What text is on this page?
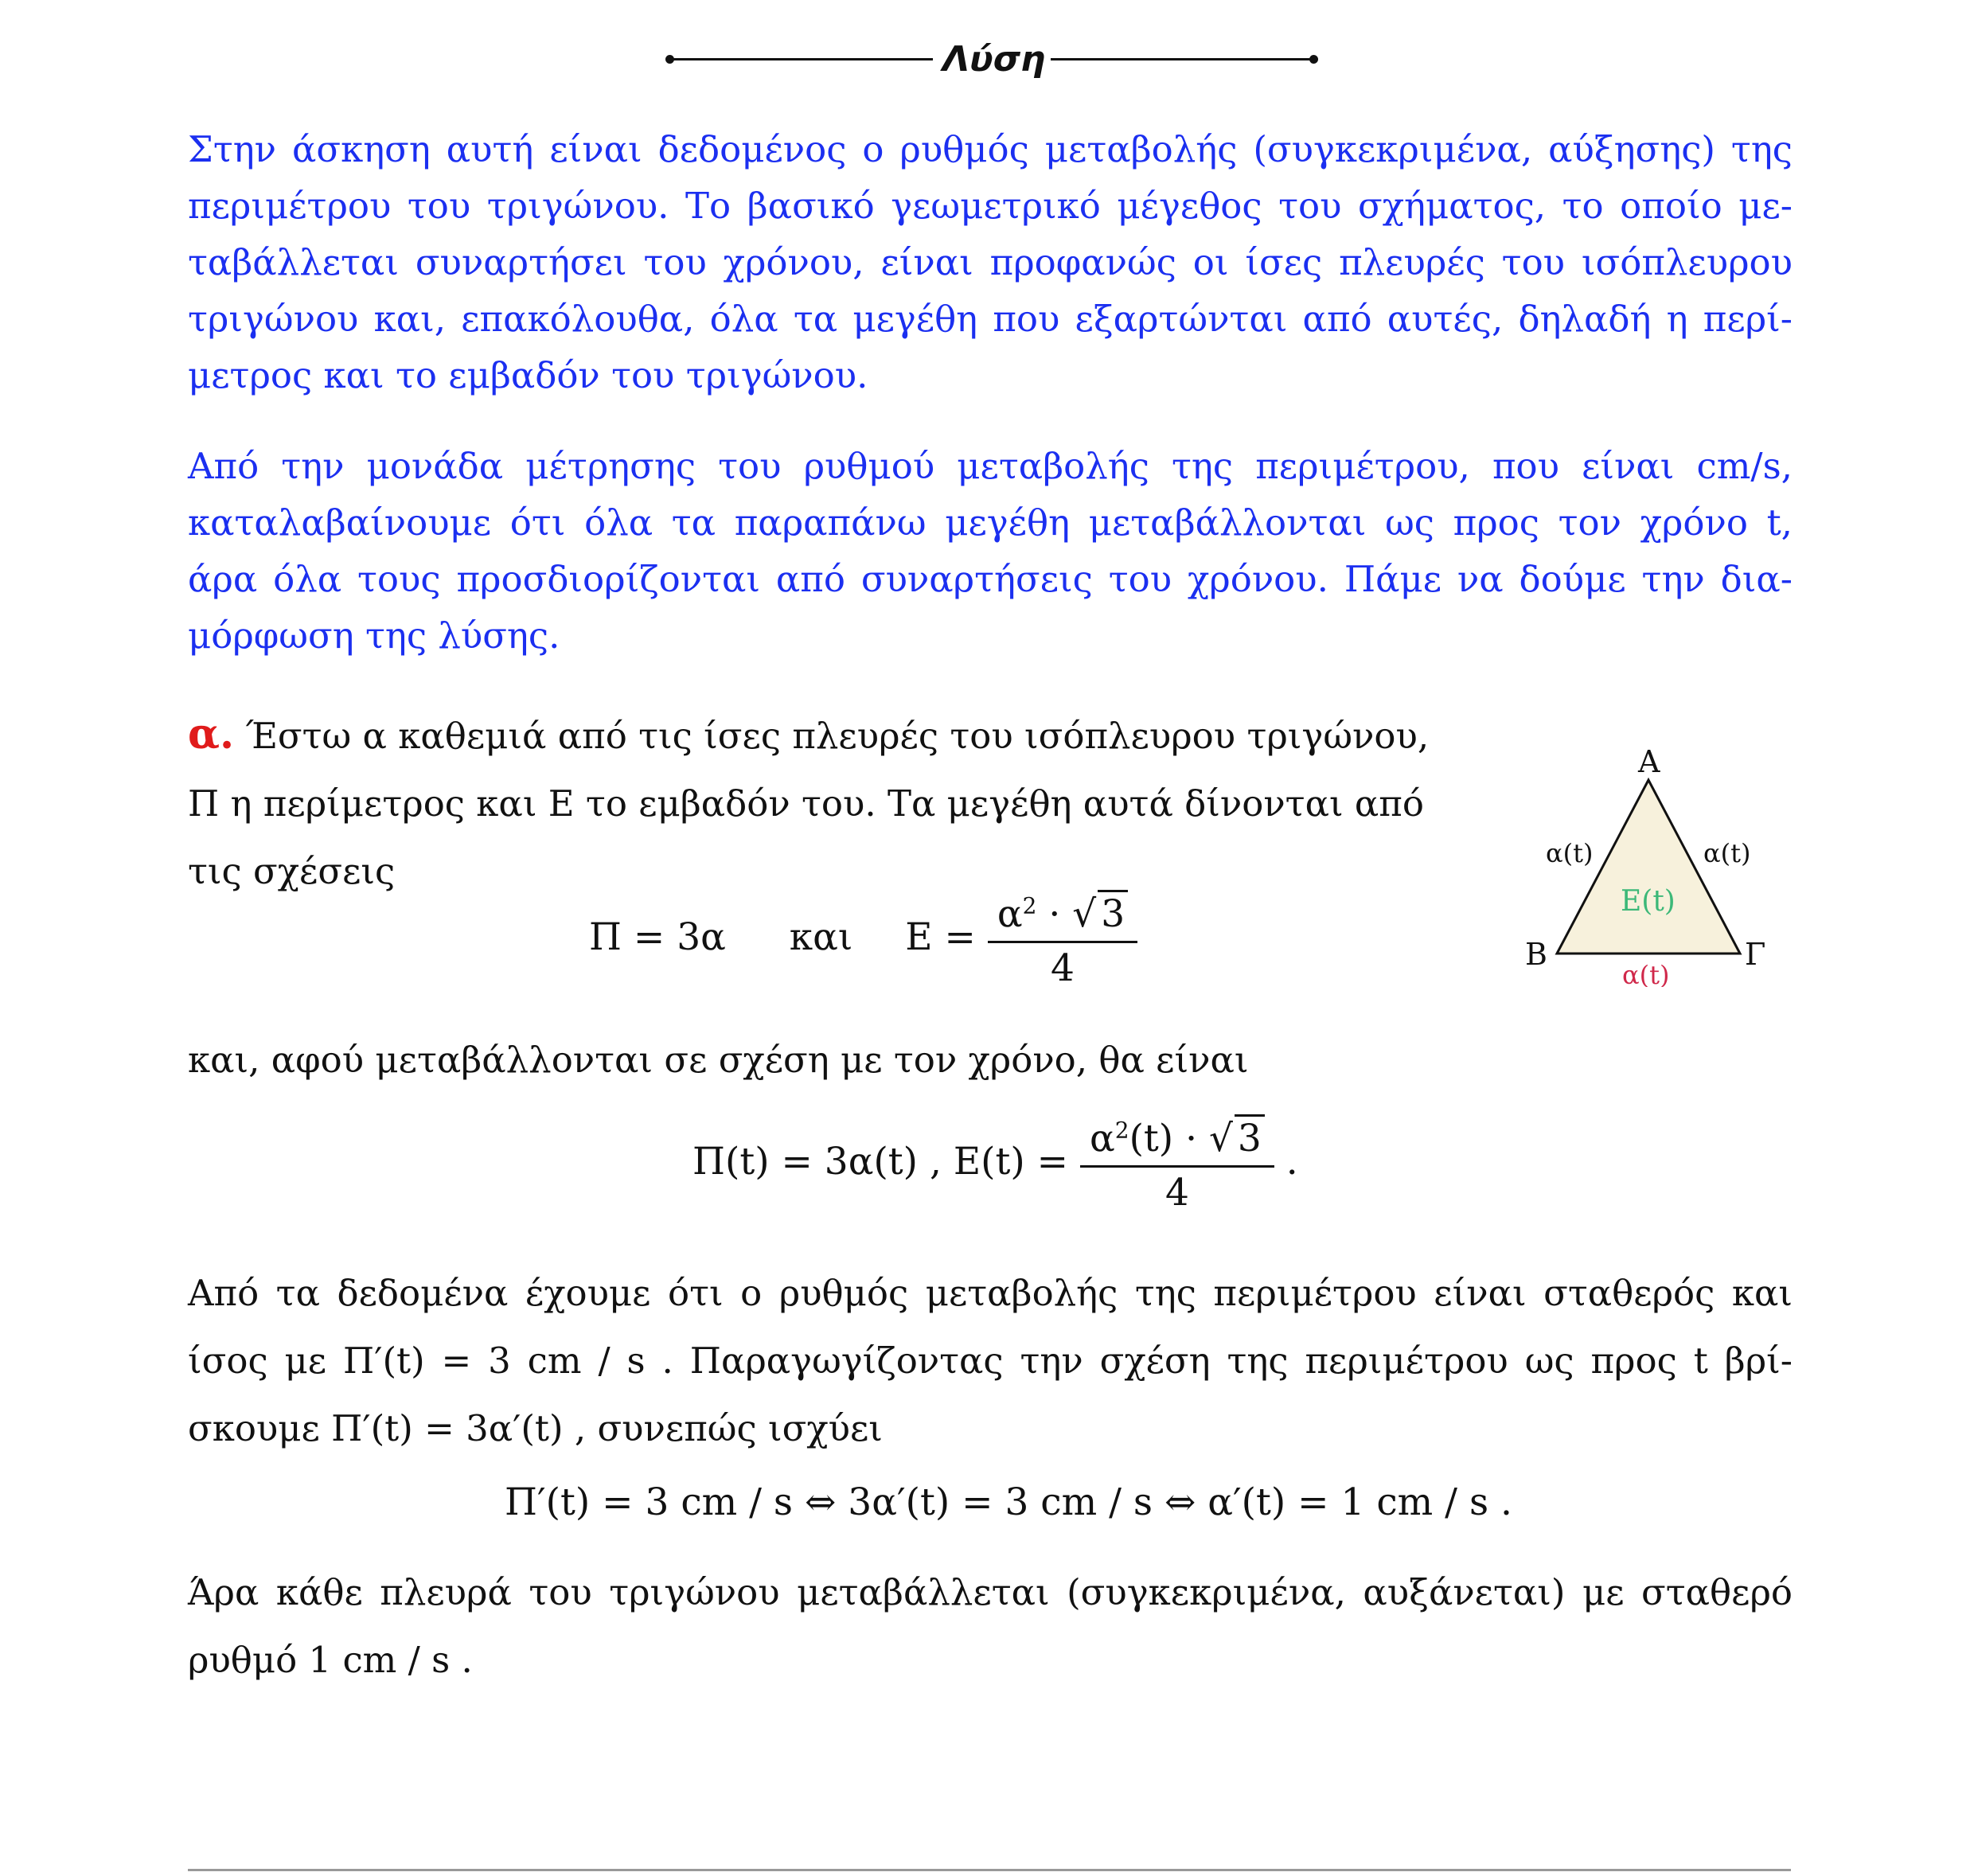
Λύση
Στην άσκηση αυτή είναι δεδομένος ο ρυθμός μεταβολής (συγκεκριμένα, αύξησης) της
περιμέτρου του τριγώνου. Το βασικό γεωμετρικό μέγεθος του σχήματος, το οποίο με-
ταβάλλεται συναρτήσει του χρόνου, είναι προφανώς οι ίσες πλευρές του ισόπλευρου
τριγώνου και, επακόλουθα, όλα τα μεγέθη που εξαρτώνται από αυτές, δηλαδή η περί-
μετρος και το εμβαδόν του τριγώνου.
Από την μονάδα μέτρησης του ρυθμού μεταβολής της περιμέτρου, που είναι cm/s,
καταλαβαίνουμε ότι όλα τα παραπάνω μεγέθη μεταβάλλονται ως προς τον χρόνο t,
άρα όλα τους προσδιορίζονται από συναρτήσεις του χρόνου. Πάμε να δούμε την δια-
μόρφωση της λύσης.
α. Έστω α καθεμιά από τις ίσες πλευρές του ισόπλευρου τριγώνου,
Π η περίμετρος και Ε το εμβαδόν του. Τα μεγέθη αυτά δίνονται από
τις σχέσεις
Π = 3α και $E = \frac{\alpha^2 \cdot √ 3}{4}$
και, αφού μεταβάλλονται σε σχέση με τον χρόνο, θα είναι
Π(t) = 3α(t) , $E(t) = \frac{\alpha^2(t) \cdot √ 3}{4}$ .
Από τα δεδομένα έχουμε ότι ο ρυθμός μεταβολής της περιμέτρου είναι σταθερός και
ίσος με Π′(t) = 3 cm / s . Παραγωγίζοντας την σχέση της περιμέτρου ως προς t βρί-
σκουμε Π′(t) = 3α′(t) , συνεπώς ισχύει
Π′(t) = 3 cm / s ⇔ 3α′(t) = 3 cm / s ⇔ α′(t) = 1 cm / s .
Άρα κάθε πλευρά του τριγώνου μεταβάλλεται (συγκεκριμένα, αυξάνεται) με σταθερό
ρυθμό 1 cm / s .
Α
Β	Γ
α(t)	α(t)
Ε(t)
α(t)
